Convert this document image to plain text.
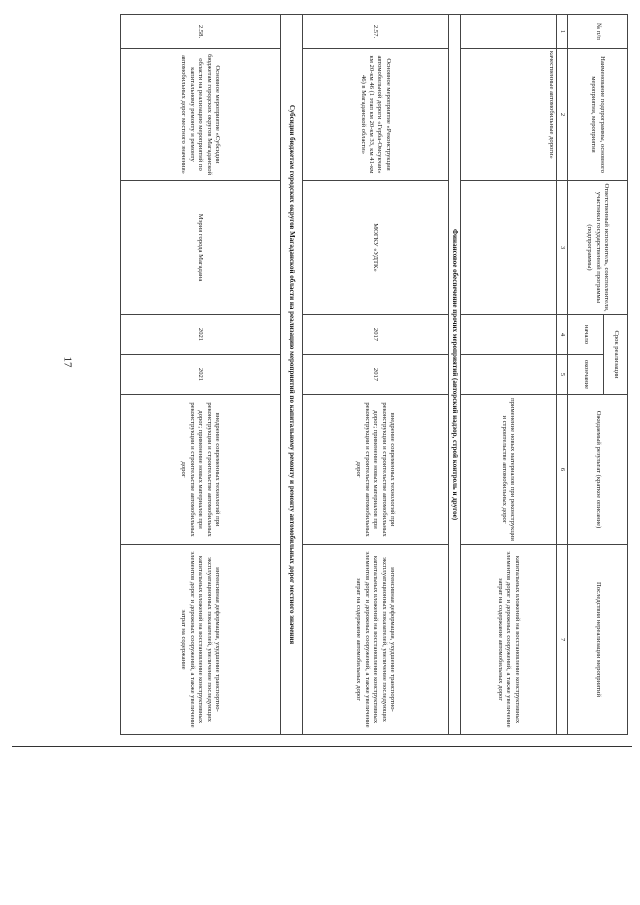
17
№ п/п	Наименование подпрограммы, основного мероприятия, мероприятия	Ответственный исполнитель, соисполнители, участники государственной программы (подпрограммы)	Срок реализации		Ожидаемый результат (краткое описание)	Последствия нереализации мероприятий
			начало	окончание		
1	2	3	4	5	6	7
	качественные автомобильные дороги»				применение новых материалов при реконструкции и строительстве автомобильных дорог	капитальных вложений на восстановление конструктивных элементов дорог и дорожных сооружений, а также увеличение затрат на содержание автомобильных дорог
Финансовое обеспечение прочих мероприятий (авторский надзор, строй контроль и другое)						
2.57.	Основное мероприятие «Реконструкция автомобильной дороги «Герба-Омсукчан» км 20-км 46 (1 этап км 20-км 33, км 41-км 46) в Магаданской области»	МОГКУ «УДТК»	2017	2017	внедрение современных технологий при реконструкции и строительстве автомобильных дорог; применение новых материалов при реконструкции и строительстве автомобильных дорог	интенсивная деформация, ухудшение транспортно-эксплуатационных показателей, увеличение последующих капитальных вложений на восстановление конструктивных элементов дорог и дорожных сооружений, а также увеличение затрат на содержание автомобильных дорог
Субсидии бюджетам городских округов Магаданской области на реализацию мероприятий по капитальному ремонту и ремонту автомобильных дорог местного значения						
2.58.	Основное мероприятие «Субсидии бюджетам городских округов Магаданской области на реализацию мероприятий по капитальному ремонту и ремонту автомобильных дорог местного значения»	Мэрия города Магадана	2021	2021	внедрение современных технологий при реконструкции и строительстве автомобильных дорог; применение новых материалов при реконструкции и строительстве автомобильных дорог	интенсивная деформация, ухудшение транспортно-эксплуатационных показателей, увеличение последующих капитальных вложений на восстановление конструктивных элементов дорог и дорожных сооружений, а также увеличение затрат на содержание
